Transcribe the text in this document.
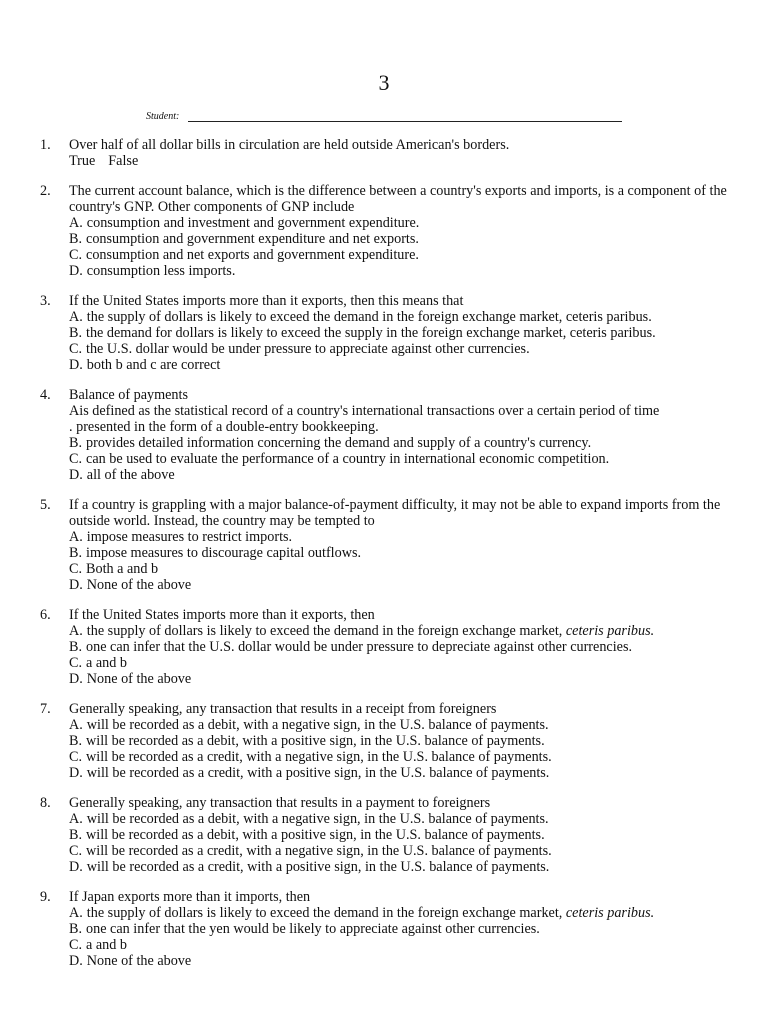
3
Student:
1. Over half of all dollar bills in circulation are held outside American's borders.
True False
2. The current account balance, which is the difference between a country's exports and imports, is a component of the country's GNP. Other components of GNP include
A. consumption and investment and government expenditure.
B. consumption and government expenditure and net exports.
C. consumption and net exports and government expenditure.
D. consumption less imports.
3. If the United States imports more than it exports, then this means that
A. the supply of dollars is likely to exceed the demand in the foreign exchange market, ceteris paribus.
B. the demand for dollars is likely to exceed the supply in the foreign exchange market, ceteris paribus.
C. the U.S. dollar would be under pressure to appreciate against other currencies.
D. both b and c are correct
4. Balance of payments
Ais defined as the statistical record of a country's international transactions over a certain period of time
. presented in the form of a double-entry bookkeeping.
B. provides detailed information concerning the demand and supply of a country's currency.
C. can be used to evaluate the performance of a country in international economic competition.
D. all of the above
5. If a country is grappling with a major balance-of-payment difficulty, it may not be able to expand imports from the outside world. Instead, the country may be tempted to
A. impose measures to restrict imports.
B. impose measures to discourage capital outflows.
C. Both a and b
D. None of the above
6. If the United States imports more than it exports, then
A. the supply of dollars is likely to exceed the demand in the foreign exchange market, ceteris paribus.
B. one can infer that the U.S. dollar would be under pressure to depreciate against other currencies.
C. a and b
D. None of the above
7. Generally speaking, any transaction that results in a receipt from foreigners
A. will be recorded as a debit, with a negative sign, in the U.S. balance of payments.
B. will be recorded as a debit, with a positive sign, in the U.S. balance of payments.
C. will be recorded as a credit, with a negative sign, in the U.S. balance of payments.
D. will be recorded as a credit, with a positive sign, in the U.S. balance of payments.
8. Generally speaking, any transaction that results in a payment to foreigners
A. will be recorded as a debit, with a negative sign, in the U.S. balance of payments.
B. will be recorded as a debit, with a positive sign, in the U.S. balance of payments.
C. will be recorded as a credit, with a negative sign, in the U.S. balance of payments.
D. will be recorded as a credit, with a positive sign, in the U.S. balance of payments.
9. If Japan exports more than it imports, then
A. the supply of dollars is likely to exceed the demand in the foreign exchange market, ceteris paribus.
B. one can infer that the yen would be likely to appreciate against other currencies.
C. a and b
D. None of the above
